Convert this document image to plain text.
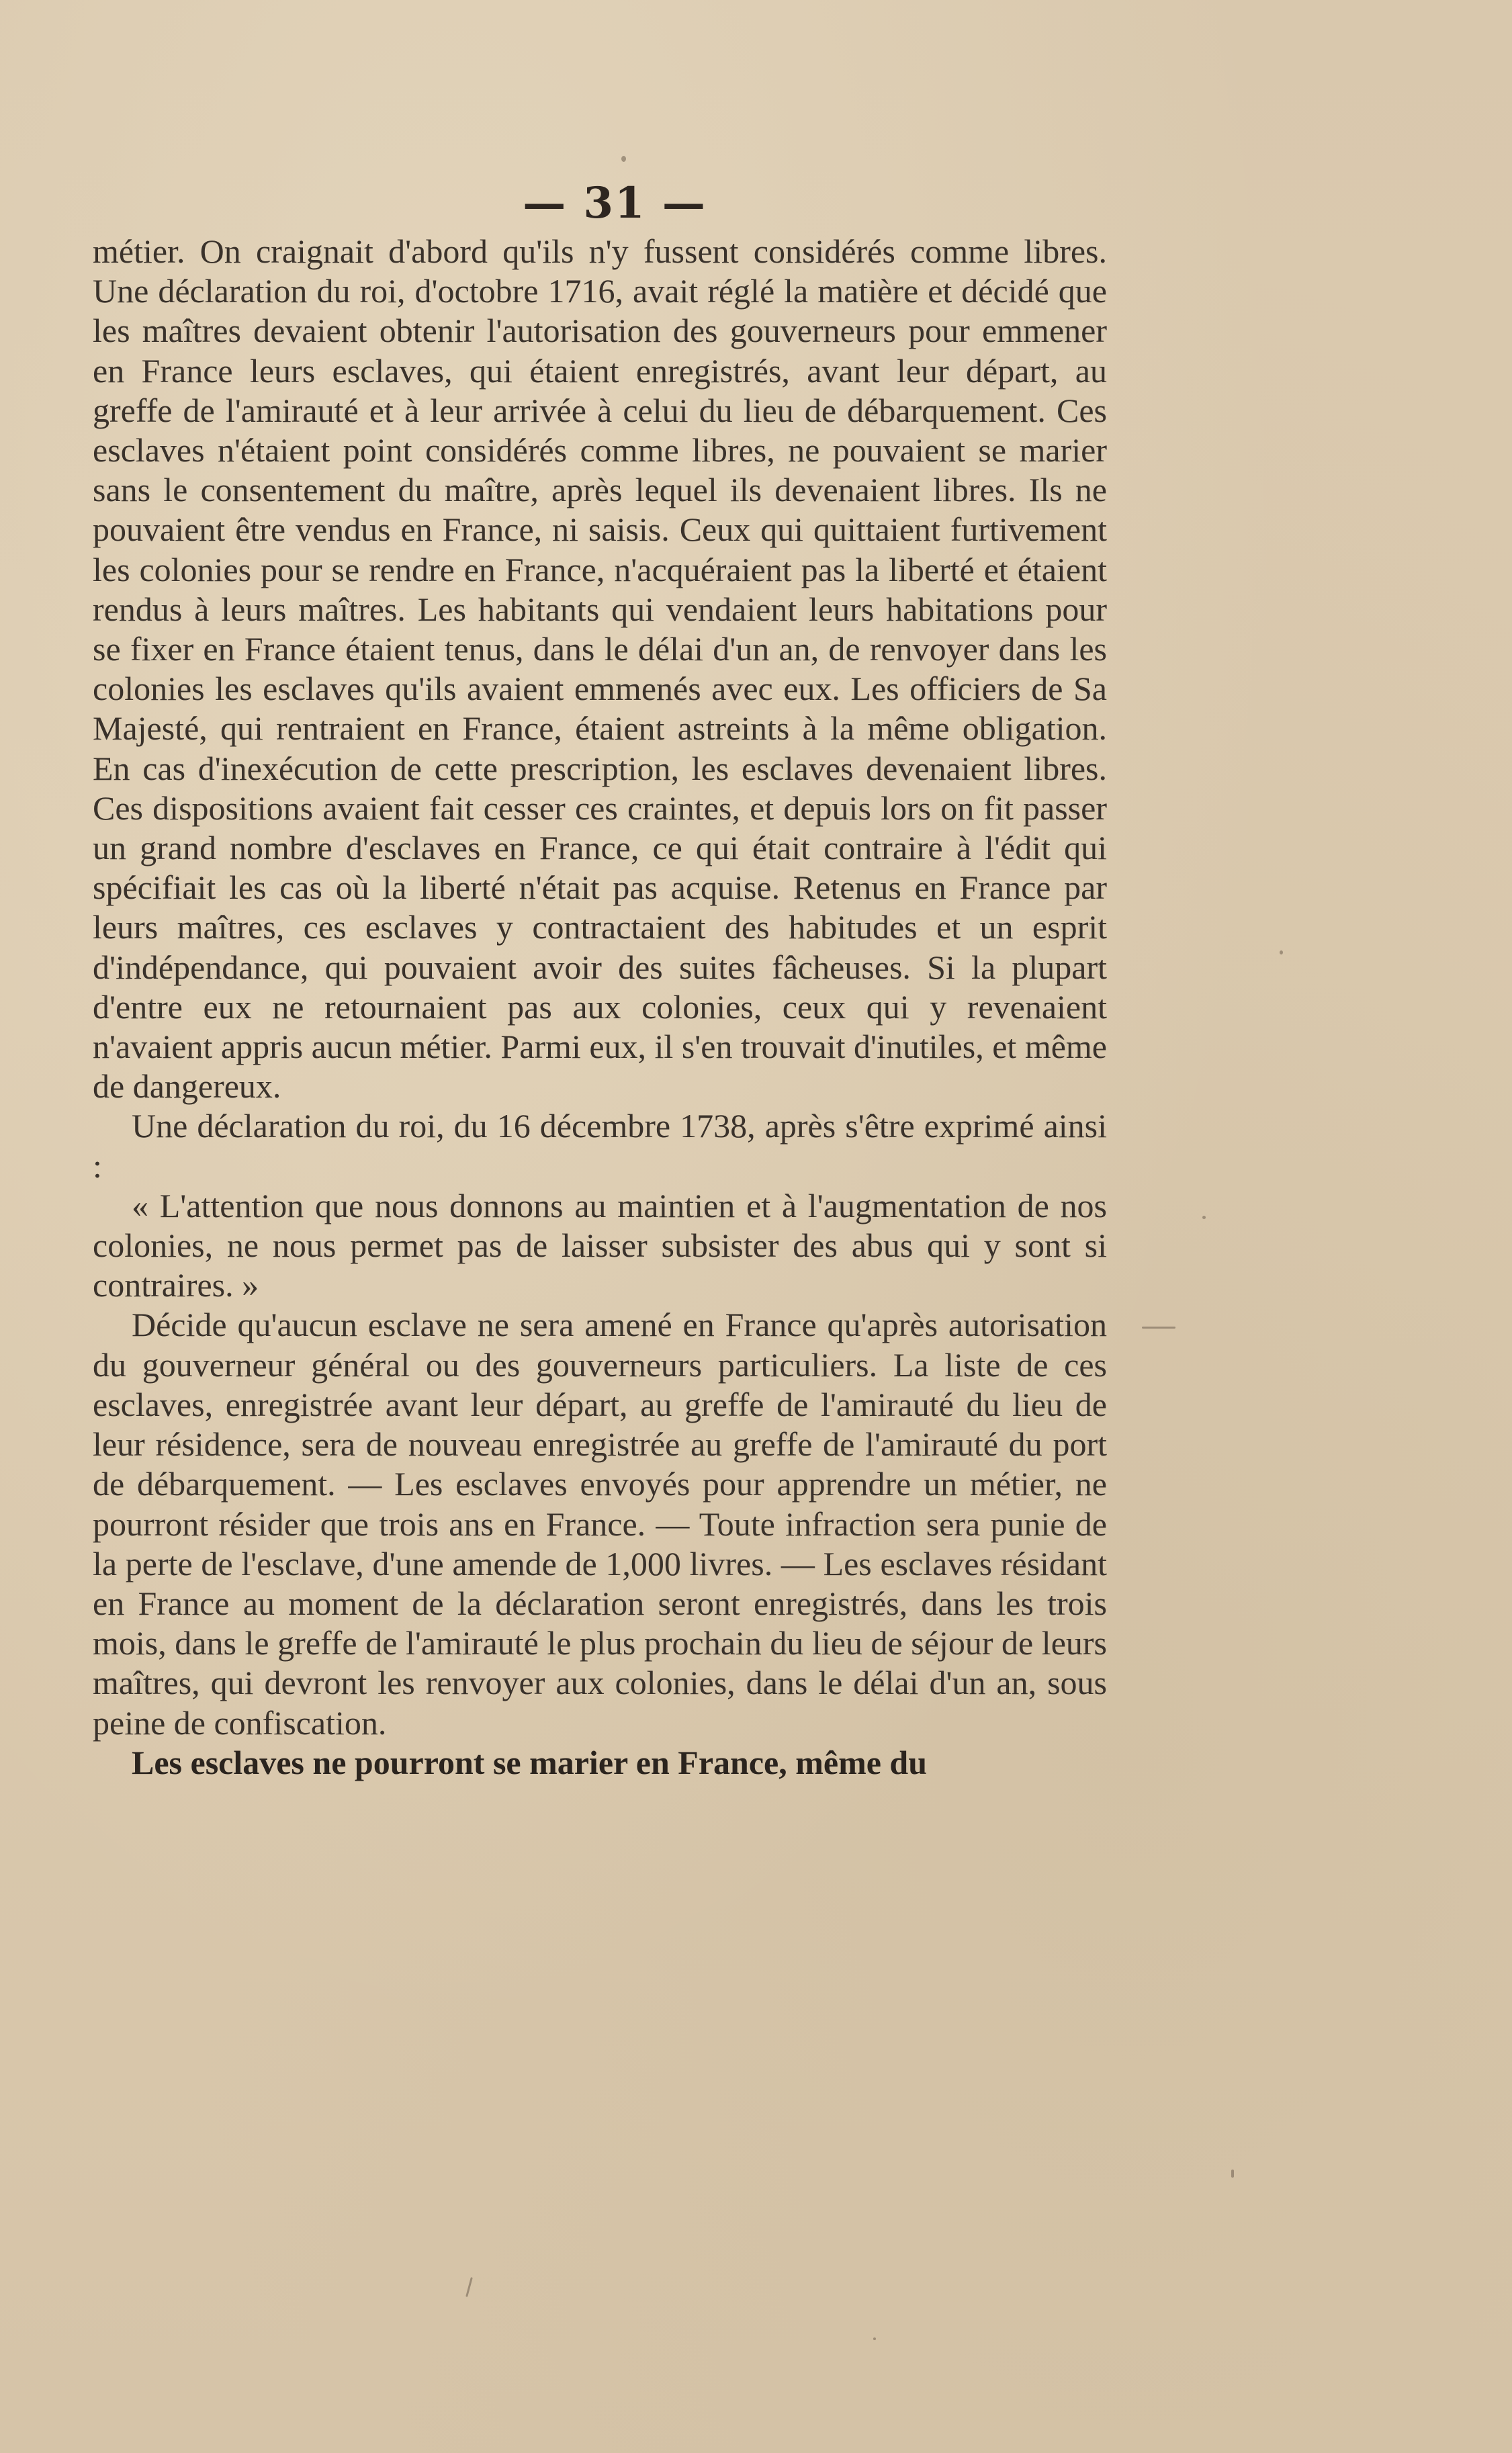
— 31 —

métier. On craignait d'abord qu'ils n'y fussent considérés comme libres. Une déclaration du roi, d'octobre 1716, avait réglé la matière et décidé que les maîtres devaient obtenir l'autorisation des gouverneurs pour emmener en France leurs esclaves, qui étaient enregistrés, avant leur départ, au greffe de l'amirauté et à leur arrivée à celui du lieu de débarquement. Ces esclaves n'étaient point considérés comme libres, ne pouvaient se marier sans le consentement du maître, après lequel ils devenaient libres. Ils ne pouvaient être vendus en France, ni saisis. Ceux qui quittaient furtivement les colonies pour se rendre en France, n'acquéraient pas la liberté et étaient rendus à leurs maîtres. Les habitants qui vendaient leurs habitations pour se fixer en France étaient tenus, dans le délai d'un an, de renvoyer dans les colonies les esclaves qu'ils avaient emmenés avec eux. Les officiers de Sa Majesté, qui rentraient en France, étaient astreints à la même obligation. En cas d'inexécution de cette prescription, les esclaves devenaient libres. Ces dispositions avaient fait cesser ces craintes, et depuis lors on fit passer un grand nombre d'esclaves en France, ce qui était contraire à l'édit qui spécifiait les cas où la liberté n'était pas acquise. Retenus en France par leurs maîtres, ces esclaves y contractaient des habitudes et un esprit d'indépendance, qui pouvaient avoir des suites fâcheuses. Si la plupart d'entre eux ne retournaient pas aux colonies, ceux qui y revenaient n'avaient appris aucun métier. Parmi eux, il s'en trouvait d'inutiles, et même de dangereux.

Une déclaration du roi, du 16 décembre 1738, après s'être exprimé ainsi :

« L'attention que nous donnons au maintien et à l'augmentation de nos colonies, ne nous permet pas de laisser subsister des abus qui y sont si contraires. »

Décide qu'aucun esclave ne sera amené en France qu'après autorisation du gouverneur général ou des gouverneurs particuliers. La liste de ces esclaves, enregistrée avant leur départ, au greffe de l'amirauté du lieu de leur résidence, sera de nouveau enregistrée au greffe de l'amirauté du port de débarquement. — Les esclaves envoyés pour apprendre un métier, ne pourront résider que trois ans en France. — Toute infraction sera punie de la perte de l'esclave, d'une amende de 1,000 livres. — Les esclaves résidant en France au moment de la déclaration seront enregistrés, dans les trois mois, dans le greffe de l'amirauté le plus prochain du lieu de séjour de leurs maîtres, qui devront les renvoyer aux colonies, dans le délai d'un an, sous peine de confiscation.

Les esclaves ne pourront se marier en France, même du
